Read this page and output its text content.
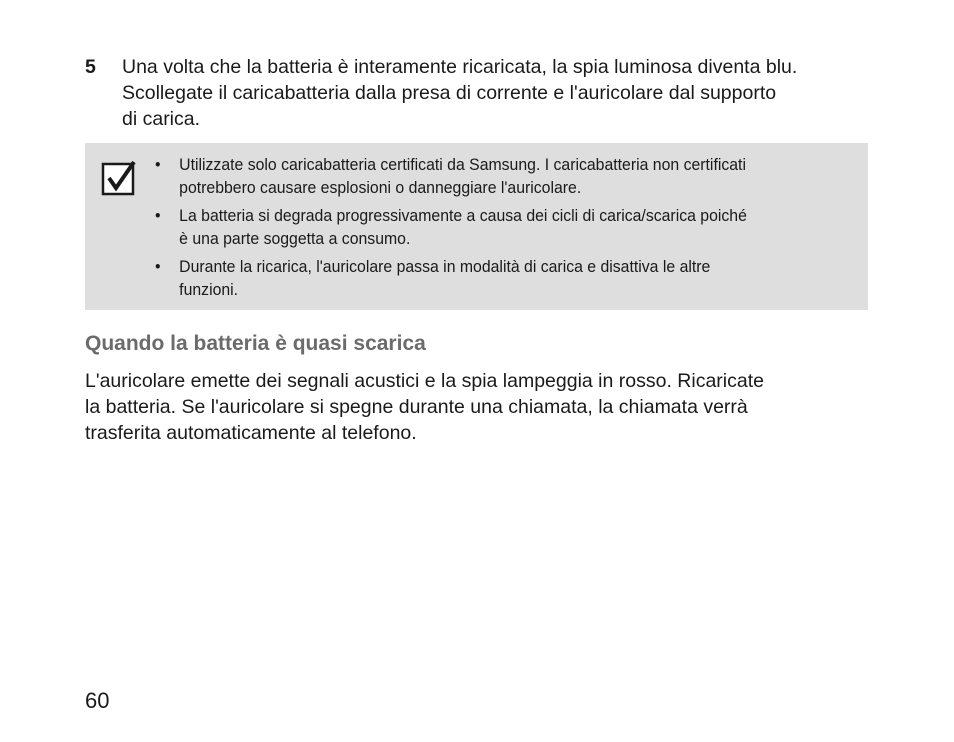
5	Una volta che la batteria è interamente ricaricata, la spia luminosa diventa blu.
Scollegate il caricabatteria dalla presa di corrente e l'auricolare dal supporto
di carica.
• Utilizzate solo caricabatteria certificati da Samsung. I caricabatteria non certificati
potrebbero causare esplosioni o danneggiare l'auricolare.
• La batteria si degrada progressivamente a causa dei cicli di carica/scarica poiché
è una parte soggetta a consumo.
• Durante la ricarica, l'auricolare passa in modalità di carica e disattiva le altre
funzioni.
Quando la batteria è quasi scarica
L'auricolare emette dei segnali acustici e la spia lampeggia in rosso. Ricaricate
la batteria. Se l'auricolare si spegne durante una chiamata, la chiamata verrà
trasferita automaticamente al telefono.
60
